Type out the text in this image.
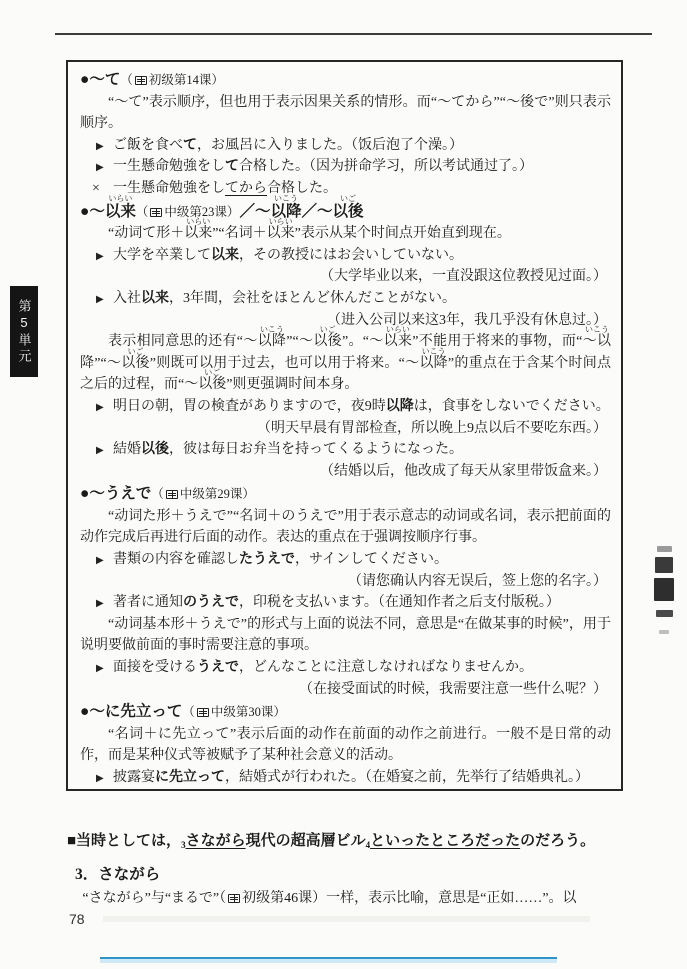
第5単元
●～て（ 初级第14课）
“～て”表示顺序，但也用于表示因果关系的情形。而“～てから”“～後で”则只表示顺序。
▶ ご飯を食べて，お風呂に入りました。（饭后泡了个澡。）
▶ 一生懸命勉強をして合格した。（因为拼命学习，所以考试通过了。）
× 一生懸命勉強をしてから合格した。
●～以来
いらい
（ 中级第23课）／～以降
いこう
／～以後
いご
“动词て形＋以来
いらい
”“名词＋以来
いらい
”表示从某个时间点开始直到现在。
▶ 大学を卒業して以来，その教授にはお会いしていない。
（大学毕业以来，一直没跟这位教授见过面。）
▶ 入社以来，3年間，会社をほとんど休んだことがない。
（进入公司以来这3年，我几乎没有休息过。）
表示相同意思的还有“～以降
いこう
”“～以後
いご
”。“～以来
いらい
”不能用于将来的事物，而“～以降
いこう
”“～以後
いご
”则既可以用于过去，也可以用于将来。“～以降
いこう
”的重点在于含某个时间点之后的过程，而“～以後
いご
”则更强调时间本身。
▶ 明日の朝，胃の検査がありますので，夜9時以降は，食事をしないでください。
（明天早晨有胃部检查，所以晚上9点以后不要吃东西。）
▶ 結婚以後，彼は毎日お弁当を持ってくるようになった。
（结婚以后，他改成了每天从家里带饭盒来。）
●～うえで（ 中级第29课）
“动词た形＋うえで”“名词＋のうえで”用于表示意志的动词或名词，表示把前面的动作完成后再进行后面的动作。表达的重点在于强调按顺序行事。
▶ 書類の内容を確認したうえで，サインしてください。
（请您确认内容无误后，签上您的名字。）
▶ 著者に通知のうえで，印税を支払います。（在通知作者之后支付版税。）
“动词基本形＋うえで”的形式与上面的说法不同，意思是“在做某事的时候”，用于说明要做前面的事时需要注意的事项。
▶ 面接を受けるうえで，どんなことに注意しなければなりませんか。
（在接受面试的时候，我需要注意一些什么呢？）
●～に先立って（ 中级第30课）
“名词＋に先立って”表示后面的动作在前面的动作之前进行。一般不是日常的动作，而是某种仪式等被赋予了某种社会意义的活动。
▶ 披露宴に先立って，結婚式が行われた。（在婚宴之前，先举行了结婚典礼。）
■当時としては，$_3$さながら現代の超高層ビル$_4$といったところだったのだろう。
3．さながら
“さながら”与“まるで”（ 初级第46课）一样，表示比喻，意思是“正如……”。以
78
